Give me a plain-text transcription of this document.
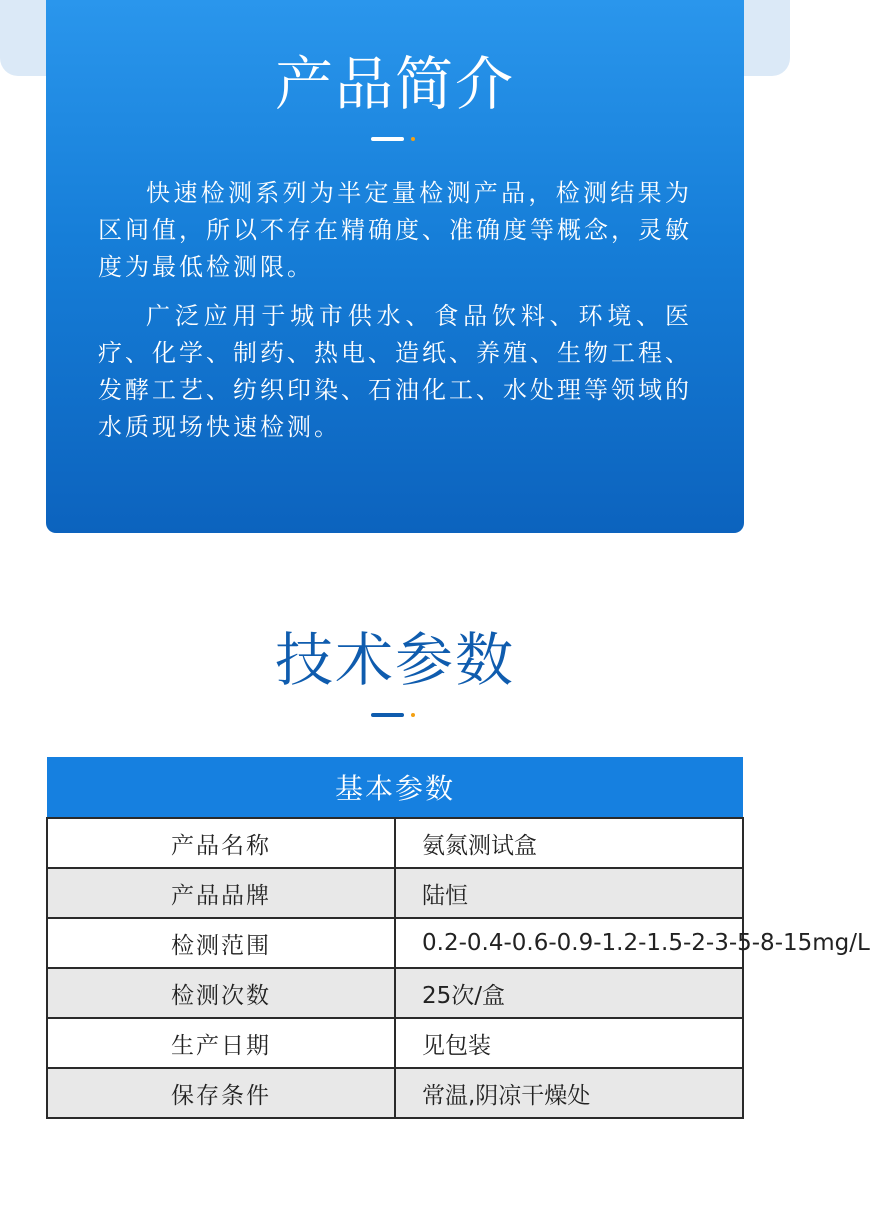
产品简介

快速检测系列为半定量检测产品，检测结果为区间值，所以不存在精确度、准确度等概念，灵敏度为最低检测限。

广泛应用于城市供水、食品饮料、环境、医疗、化学、制药、热电、造纸、养殖、生物工程、发酵工艺、纺织印染、石油化工、水处理等领域的水质现场快速检测。

技术参数
基本参数	
产品名称	氨氮测试盒
产品品牌	陆恒
检测范围	0.2-0.4-0.6-0.9-1.2-1.5-2-3-5-8-15mg/L
检测次数	25次/盒
生产日期	见包装
保存条件	常温,阴凉干燥处
